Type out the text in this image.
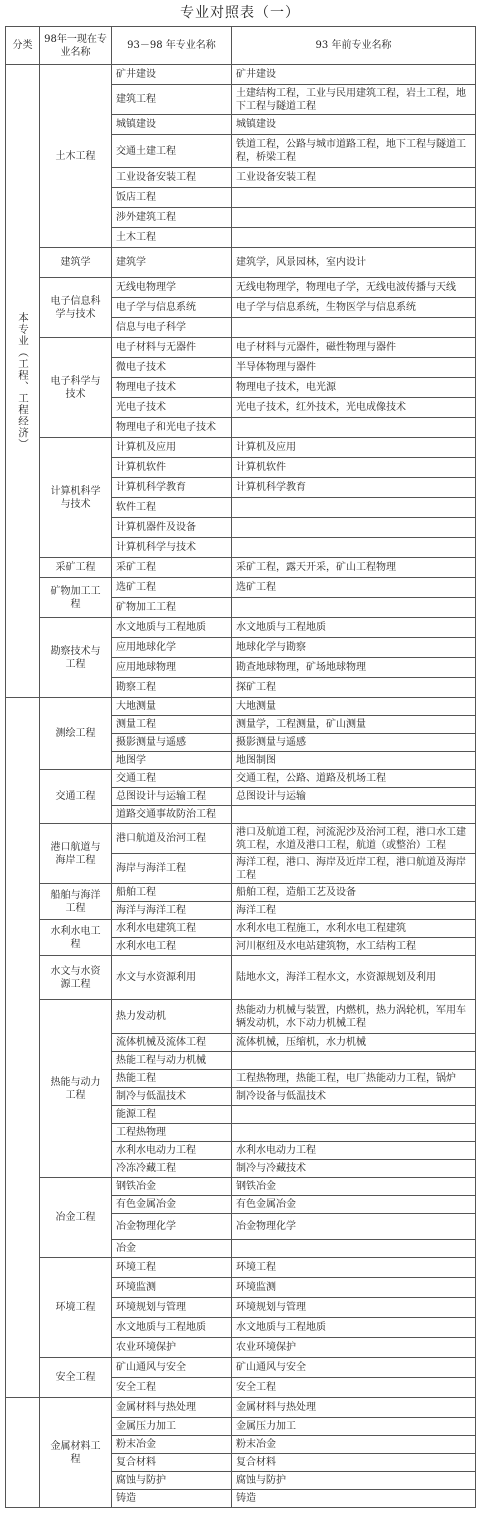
专业对照表（一）
分类	98年一现在专业名称	93－98 年专业名称	93 年前专业名称

本专业（工程、工程经济）	土木工程	矿井建设	矿井建设
		建筑工程	土建结构工程，工业与民用建筑工程，岩土工程，地下工程与隧道工程
		城镇建设	城镇建设
		交通土建工程	铁道工程，公路与城市道路工程，地下工程与隧道工程，桥梁工程
		工业设备安装工程	工业设备安装工程
		饭店工程	
		涉外建筑工程	
		土木工程	
	建筑学	建筑学	建筑学，风景园林，室内设计
	电子信息科学与技术	无线电物理学	无线电物理学，物理电子学，无线电波传播与天线
		电子学与信息系统	电子学与信息系统，生物医学与信息系统
		信息与电子科学	
	电子科学与技术	电子材料与无器件	电子材料与元器件，磁性物理与器件
		微电子技术	半导体物理与器件
		物理电子技术	物理电子技术，电光源
		光电子技术	光电子技术，红外技术，光电成像技术
		物理电子和光电子技术	
	计算机科学与技术	计算机及应用	计算机及应用
		计算机软件	计算机软件
		计算机科学教育	计算机科学教育
		软件工程	
		计算机器件及设备	
		计算机科学与技术	
	采矿工程	采矿工程	采矿工程，露天开采，矿山工程物理
	矿物加工工程	选矿工程	选矿工程
		矿物加工工程	
	勘察技术与工程	水文地质与工程地质	水文地质与工程地质
		应用地球化学	地球化学与勘察
		应用地球物理	勘查地球物理，矿场地球物理
		勘察工程	探矿工程

	测绘工程	大地测量	大地测量
		测量工程	测量学，工程测量，矿山测量
		摄影测量与遥感	摄影测量与遥感
		地图学	地图制图
	交通工程	交通工程	交通工程，公路、道路及机场工程
		总图设计与运输工程	总图设计与运输
		道路交通事故防治工程	
	港口航道与海岸工程	港口航道及治河工程	港口及航道工程，河流泥沙及治河工程，港口水工建筑工程，水道及港口工程，航道（或整治）工程
		海岸与海洋工程	海洋工程，港口、海岸及近岸工程，港口航道及海岸工程
	船舶与海洋工程	船舶工程	船舶工程，造船工艺及设备
		海洋与海洋工程	海洋工程
	水利水电工程	水利水电建筑工程	水利水电工程施工，水利水电工程建筑
		水利水电工程	河川枢纽及水电站建筑物，水工结构工程
	水文与水资源工程	水文与水资源利用	陆地水文，海洋工程水文，水资源规划及利用
	热能与动力工程	热力发动机	热能动力机械与装置，内燃机，热力涡轮机，军用车辆发动机，水下动力机械工程
		流体机械及流体工程	流体机械，压缩机，水力机械
		热能工程与动力机械	
		热能工程	工程热物理，热能工程，电厂热能动力工程，锅炉
		制冷与低温技术	制冷设备与低温技术
		能源工程	
		工程热物理	
		水利水电动力工程	水利水电动力工程
		冷冻冷藏工程	制冷与冷藏技术
	冶金工程	钢铁冶金	钢铁冶金
		有色金属冶金	有色金属冶金
		冶金物理化学	冶金物理化学
		冶金	
	环境工程	环境工程	环境工程
		环境监测	环境监测
		环境规划与管理	环境规划与管理
		水文地质与工程地质	水文地质与工程地质
		农业环境保护	农业环境保护
	安全工程	矿山通风与安全	矿山通风与安全
		安全工程	安全工程

	金属材料工程	金属材料与热处理	金属材料与热处理
		金属压力加工	金属压力加工
		粉末冶金	粉末冶金
		复合材料	复合材料
		腐蚀与防护	腐蚀与防护
		铸造	铸造
